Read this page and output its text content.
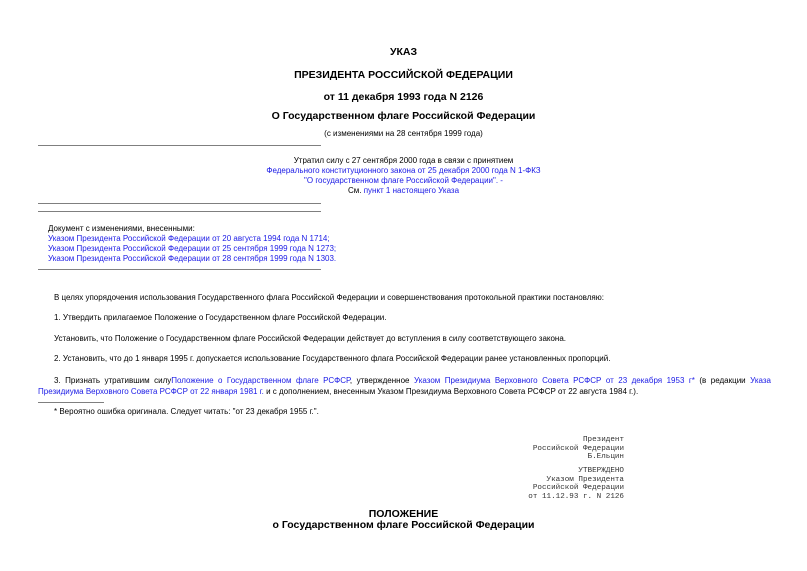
УКАЗ
ПРЕЗИДЕНТА РОССИЙСКОЙ ФЕДЕРАЦИИ
от 11 декабря 1993 года N 2126
О Государственном флаге Российской Федерации
(с изменениями на 28 сентября 1999 года)
Утратил силу с 27 сентября 2000 года в связи с принятием
Федерального конституционного закона от 25 декабря 2000 года N 1-ФКЗ
"О государственном флаге Российской Федерации". -
См. пункт 1 настоящего Указа
Документ с изменениями, внесенными:
Указом Президента Российской Федерации от 20 августа 1994 года N 1714;
Указом Президента Российской Федерации от 25 сентября 1999 года N 1273;
Указом Президента Российской Федерации от 28 сентября 1999 года N 1303.
В целях упорядочения использования Государственного флага Российской Федерации и совершенствования протокольной практики постановляю:
1. Утвердить прилагаемое Положение о Государственном флаге Российской Федерации.
Установить, что Положение о Государственном флаге Российской Федерации действует до вступления в силу соответствующего закона.
2. Установить, что до 1 января 1995 г. допускается использование Государственного флага Российской Федерации ранее установленных пропорций.
3. Признать утратившим силуПоложение о Государственном флаге РСФСР, утвержденное Указом Президиума Верховного Совета РСФСР от 23 декабря 1953 г* (в редакции Указа Президиума Верховного Совета РСФСР от 22 января 1981 г. и с дополнением, внесенным Указом Президиума Верховного Совета РСФСР от 22 августа 1984 г.).
* Вероятно ошибка оригинала. Следует читать: "от 23 декабря 1955 г.".
Президент
Российской Федерации
Б.Ельцин
УТВЕРЖДЕНО
Указом Президента
Российской Федерации
от 11.12.93 г. N 2126
ПОЛОЖЕНИЕ
о Государственном флаге Российской Федерации
